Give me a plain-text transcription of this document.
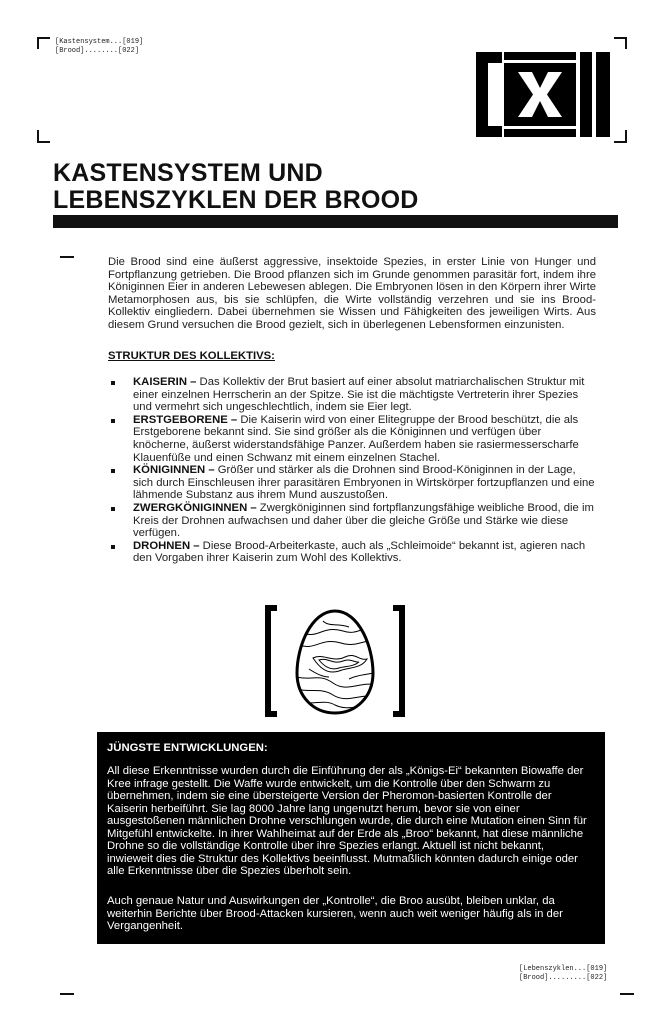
[Kastensystem...[019]
[Brood]........[022]
KASTENSYSTEM UND
LEBENSZYKLEN DER BROOD
Die Brood sind eine äußerst aggressive, insektoide Spezies, in erster Linie von Hunger und Fortpflanzung getrieben. Die Brood pflanzen sich im Grunde genommen parasitär fort, indem ihre Königinnen Eier in anderen Lebewesen ablegen. Die Embryonen lösen in den Körpern ihrer Wirte Metamorphosen aus, bis sie schlüpfen, die Wirte vollständig verzehren und sie ins Brood-Kollektiv eingliedern. Dabei übernehmen sie Wissen und Fähigkeiten des jeweiligen Wirts. Aus diesem Grund versuchen die Brood gezielt, sich in überlegenen Lebensformen einzunisten.
STRUKTUR DES KOLLEKTIVS:
KAISERIN – Das Kollektiv der Brut basiert auf einer absolut matriarchalischen Struktur mit einer einzelnen Herrscherin an der Spitze. Sie ist die mächtigste Vertreterin ihrer Spezies und vermehrt sich ungeschlechtlich, indem sie Eier legt.
ERSTGEBORENE – Die Kaiserin wird von einer Elitegruppe der Brood beschützt, die als Erstgeborene bekannt sind. Sie sind größer als die Königinnen und verfügen über knöcherne, äußerst widerstandsfähige Panzer. Außerdem haben sie rasiermesserscharfe Klauenfüße und einen Schwanz mit einem einzelnen Stachel.
KÖNIGINNEN – Größer und stärker als die Drohnen sind Brood-Königinnen in der Lage, sich durch Einschleusen ihrer parasitären Embryonen in Wirtskörper fortzupflanzen und eine lähmende Substanz aus ihrem Mund auszustoßen.
ZWERGKÖNIGINNEN – Zwergköniginnen sind fortpflanzungsfähige weibliche Brood, die im Kreis der Drohnen aufwachsen und daher über die gleiche Größe und Stärke wie diese verfügen.
DROHNEN – Diese Brood-Arbeiterkaste, auch als „Schleimoide“ bekannt ist, agieren nach den Vorgaben ihrer Kaiserin zum Wohl des Kollektivs.
JÜNGSTE ENTWICKLUNGEN:
All diese Erkenntnisse wurden durch die Einführung der als „Königs-Ei“ bekannten Biowaffe der Kree infrage gestellt. Die Waffe wurde entwickelt, um die Kontrolle über den Schwarm zu übernehmen, indem sie eine übersteigerte Version der Pheromon-basierten Kontrolle der Kaiserin herbeiführt. Sie lag 8000 Jahre lang ungenutzt herum, bevor sie von einer ausgestoßenen männlichen Drohne verschlungen wurde, die durch eine Mutation einen Sinn für Mitgefühl entwickelte. In ihrer Wahlheimat auf der Erde als „Broo“ bekannt, hat diese männliche Drohne so die vollständige Kontrolle über ihre Spezies erlangt. Aktuell ist nicht bekannt, inwieweit dies die Struktur des Kollektivs beeinflusst. Mutmaßlich könnten dadurch einige oder alle Erkenntnisse über die Spezies überholt sein.
Auch genaue Natur und Auswirkungen der „Kontrolle“, die Broo ausübt, bleiben unklar, da weiterhin Berichte über Brood-Attacken kursieren, wenn auch weit weniger häufig als in der Vergangenheit.
[Lebenszyklen...[019]
[Brood].........[022]
